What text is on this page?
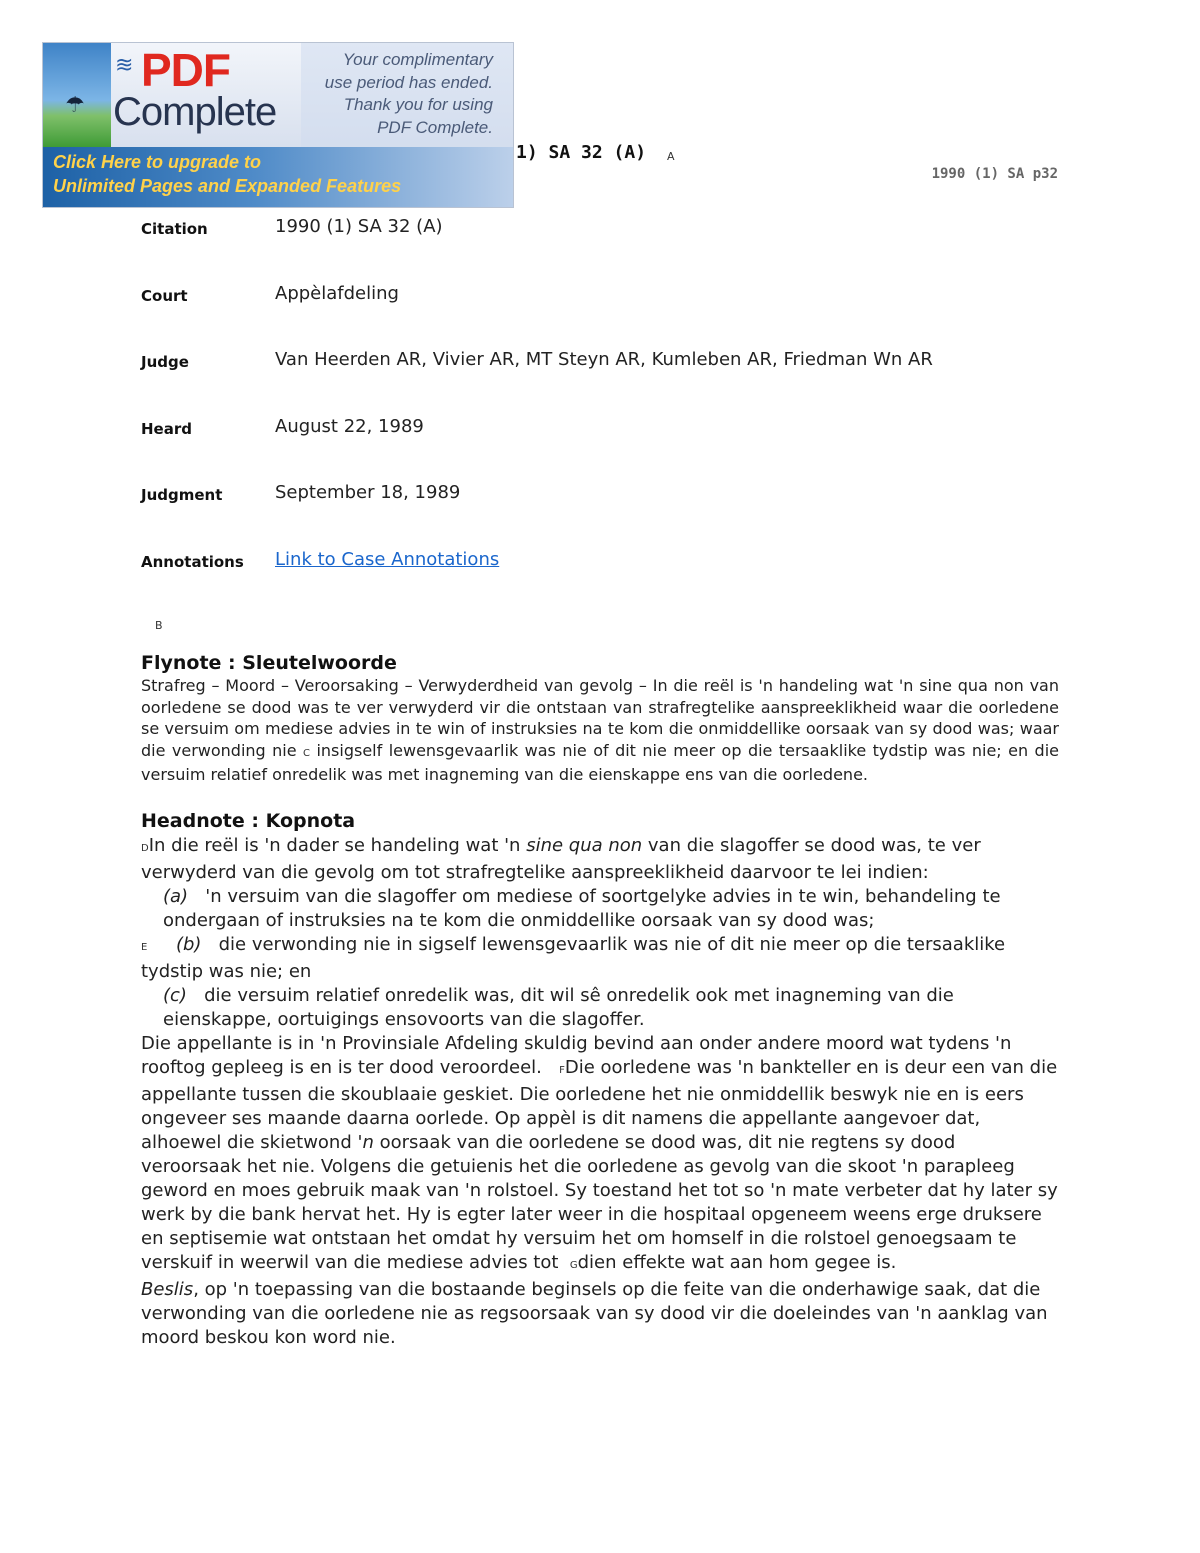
☂
≋ PDF
Complete
Your complimentary
use period has ended.
Thank you for using
PDF Complete.
Click Here to upgrade to
Unlimited Pages and Expanded Features
1) SA 32 (A) A
1990 (1) SA p32
Citation	1990 (1) SA 32 (A)
Court	Appèlafdeling
Judge	Van Heerden AR, Vivier AR, MT Steyn AR, Kumleben AR, Friedman Wn AR
Heard	August 22, 1989
Judgment	September 18, 1989
Annotations Link to Case Annotations
B
Flynote : Sleutelwoorde

Strafreg – Moord – Veroorsaking – Verwyderdheid van gevolg – In die reël is 'n handeling wat 'n sine qua non van oorledene se dood was te ver verwyderd vir die ontstaan van strafregtelike aanspreeklikheid waar die oorledene se versuim om mediese advies in te win of instruksies na te kom die onmiddellike oorsaak van sy dood was; waar die verwonding nie C insigself lewensgevaarlik was nie of dit nie meer op die tersaaklike tydstip was nie; en die versuim relatief onredelik was met inagneming van die eienskappe ens van die oorledene.

Headnote : Kopnota

DIn die reël is 'n dader se handeling wat 'n sine qua non van die slagoffer se dood was, te ver verwyderd van die gevolg om tot strafregtelike aanspreeklikheid daarvoor te lei indien:

(a) 'n versuim van die slagoffer om mediese of soortgelyke advies in te win, behandeling te ondergaan of instruksies na te kom die onmiddellike oorsaak van sy dood was;

E (b) die verwonding nie in sigself lewensgevaarlik was nie of dit nie meer op die tersaaklike tydstip was nie; en

(c) die versuim relatief onredelik was, dit wil sê onredelik ook met inagneming van die eienskappe, oortuigings ensovoorts van die slagoffer.

Die appellante is in 'n Provinsiale Afdeling skuldig bevind aan onder andere moord wat tydens 'n rooftog gepleeg is en is ter dood veroordeel. FDie oorledene was 'n bankteller en is deur een van die appellante tussen die skoublaaie geskiet. Die oorledene het nie onmiddellik beswyk nie en is eers ongeveer ses maande daarna oorlede. Op appèl is dit namens die appellante aangevoer dat, alhoewel die skietwond 'n oorsaak van die oorledene se dood was, dit nie regtens sy dood veroorsaak het nie. Volgens die getuienis het die oorledene as gevolg van die skoot 'n parapleeg geword en moes gebruik maak van 'n rolstoel. Sy toestand het tot so 'n mate verbeter dat hy later sy werk by die bank hervat het. Hy is egter later weer in die hospitaal opgeneem weens erge druksere en septisemie wat ontstaan het omdat hy versuim het om homself in die rolstoel genoegsaam te verskuif in weerwil van die mediese advies tot Gdien effekte wat aan hom gegee is.

Beslis, op 'n toepassing van die bostaande beginsels op die feite van die onderhawige saak, dat die verwonding van die oorledene nie as regsoorsaak van sy dood vir die doeleindes van 'n aanklag van moord beskou kon word nie.
